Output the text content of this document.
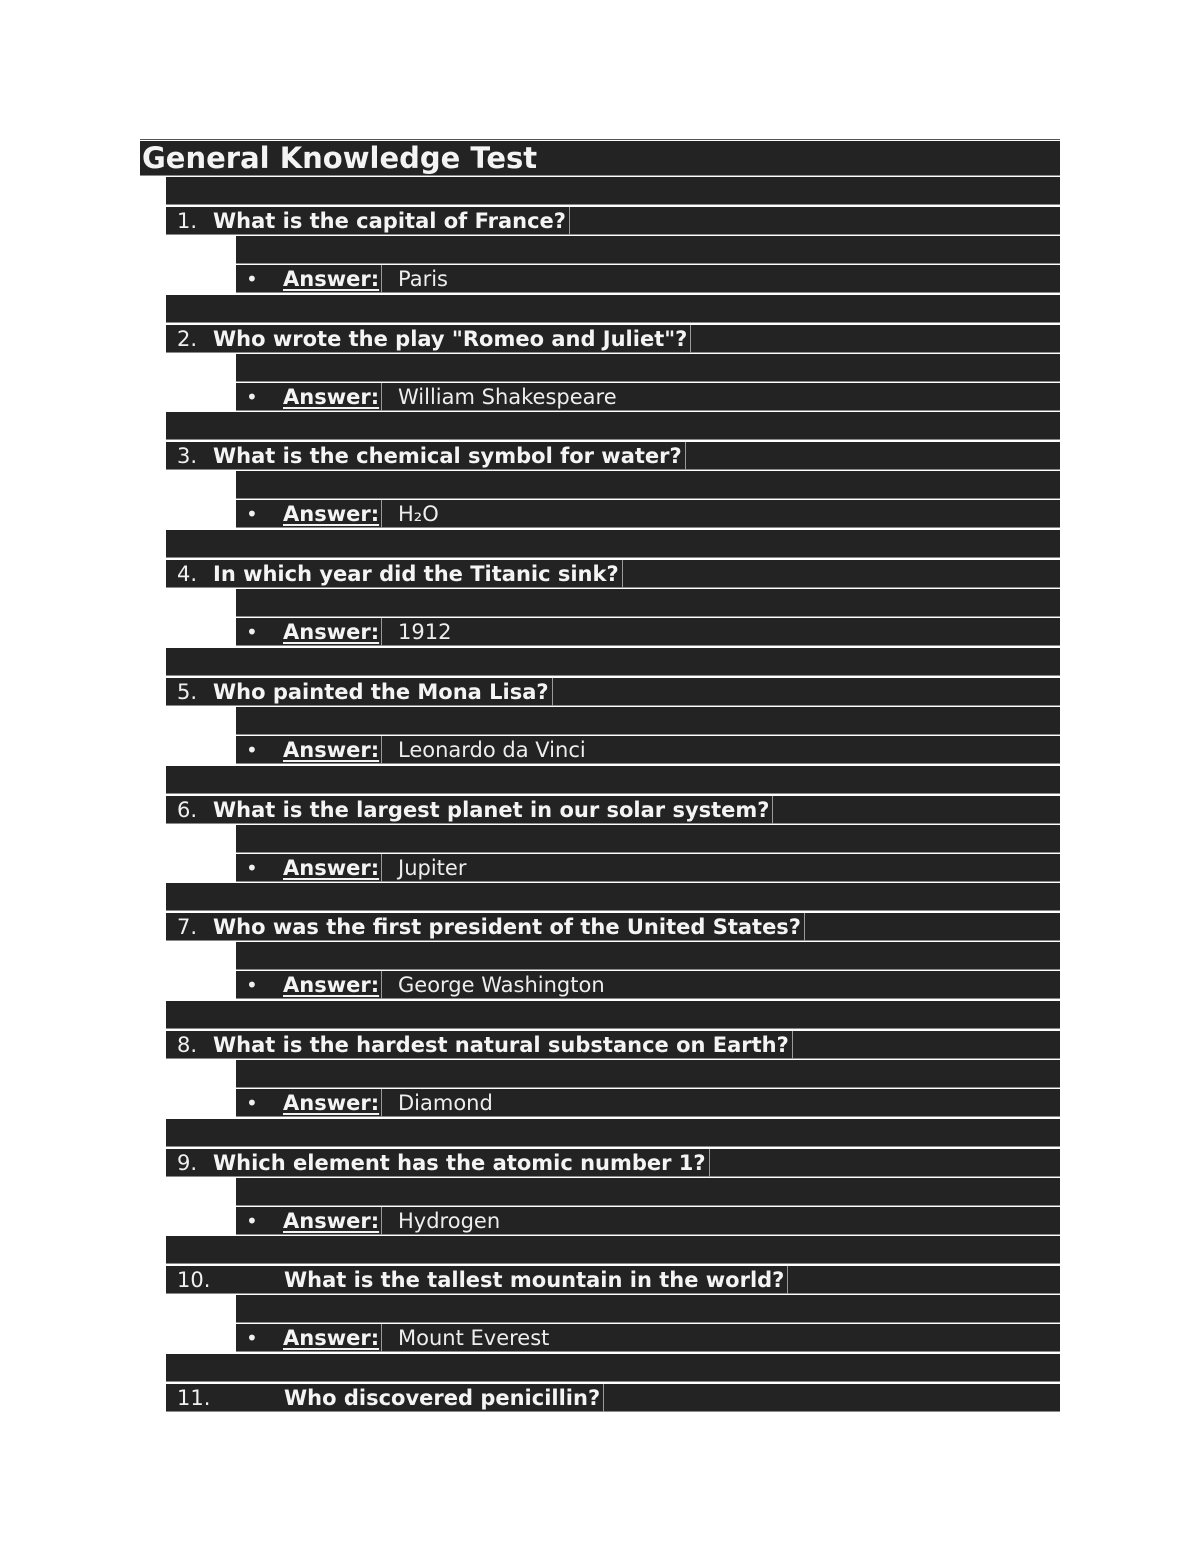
General Knowledge Test
1. What is the capital of France?
• Answer: Paris
2. Who wrote the play "Romeo and Juliet"?
• Answer: William Shakespeare
3. What is the chemical symbol for water?
• Answer: H₂O
4. In which year did the Titanic sink?
• Answer: 1912
5. Who painted the Mona Lisa?
• Answer: Leonardo da Vinci
6. What is the largest planet in our solar system?
• Answer: Jupiter
7. Who was the first president of the United States?
• Answer: George Washington
8. What is the hardest natural substance on Earth?
• Answer: Diamond
9. Which element has the atomic number 1?
• Answer: Hydrogen
10.	What is the tallest mountain in the world?
• Answer: Mount Everest
11.	Who discovered penicillin?
